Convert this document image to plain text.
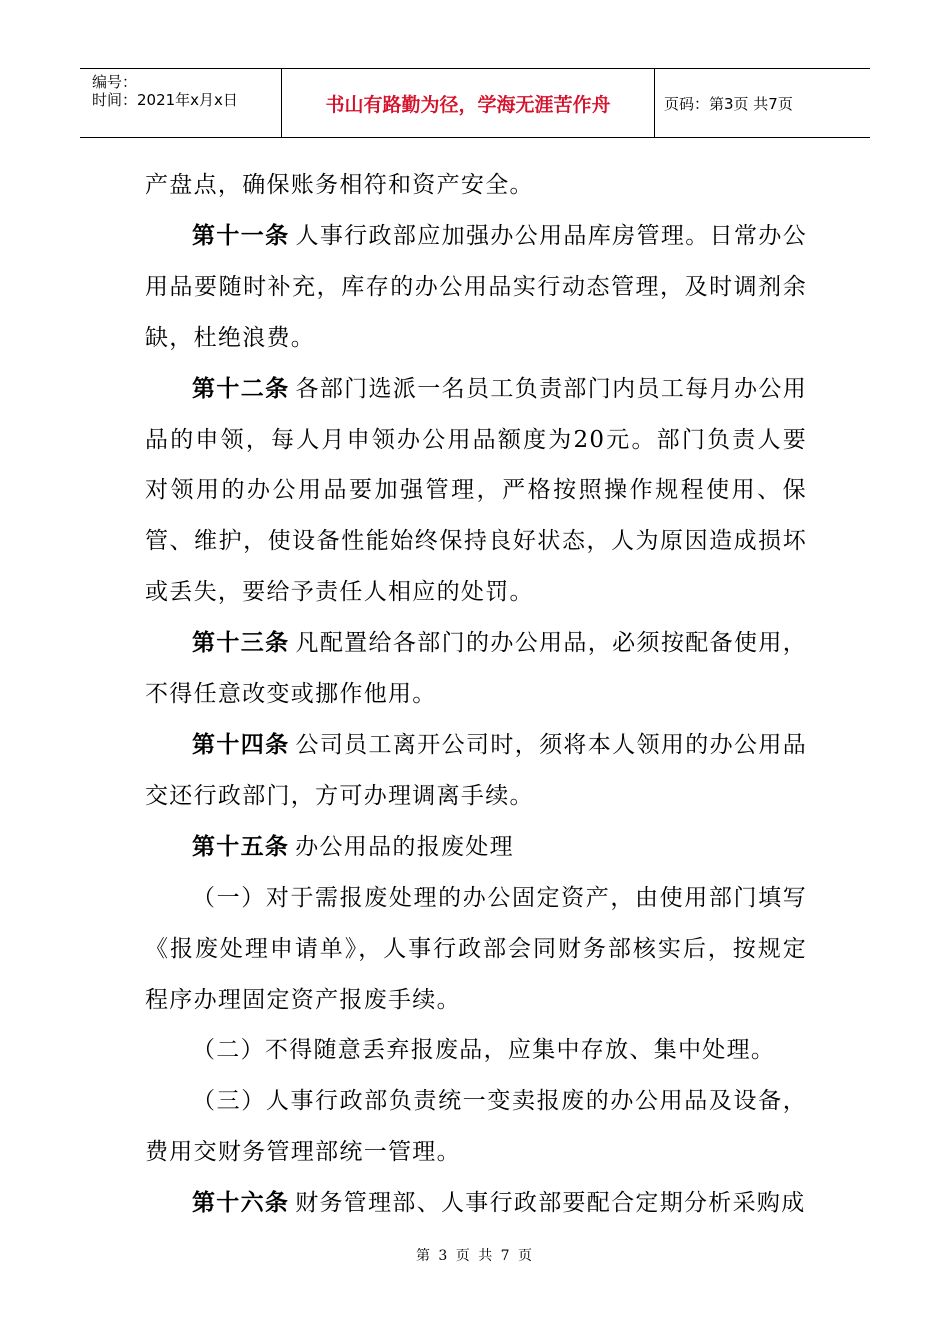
编号：
时间：2021年x月x日	书山有路勤为径，学海无涯苦作舟	页码：第3页 共7页

产盘点，确保账务相符和资产安全。

第十一条 人事行政部应加强办公用品库房管理。日常办公用品要随时补充，库存的办公用品实行动态管理，及时调剂余缺，杜绝浪费。

第十二条 各部门选派一名员工负责部门内员工每月办公用品的申领，每人月申领办公用品额度为20元。部门负责人要对领用的办公用品要加强管理，严格按照操作规程使用、保管、维护，使设备性能始终保持良好状态，人为原因造成损坏或丢失，要给予责任人相应的处罚。

第十三条 凡配置给各部门的办公用品，必须按配备使用，不得任意改变或挪作他用。

第十四条 公司员工离开公司时，须将本人领用的办公用品交还行政部门，方可办理调离手续。

第十五条 办公用品的报废处理

（一）对于需报废处理的办公固定资产，由使用部门填写《报废处理申请单》，人事行政部会同财务部核实后，按规定程序办理固定资产报废手续。

（二）不得随意丢弃报废品，应集中存放、集中处理。

（三）人事行政部负责统一变卖报废的办公用品及设备，费用交财务管理部统一管理。

第十六条 财务管理部、人事行政部要配合定期分析采购成

第 3 页 共 7 页
